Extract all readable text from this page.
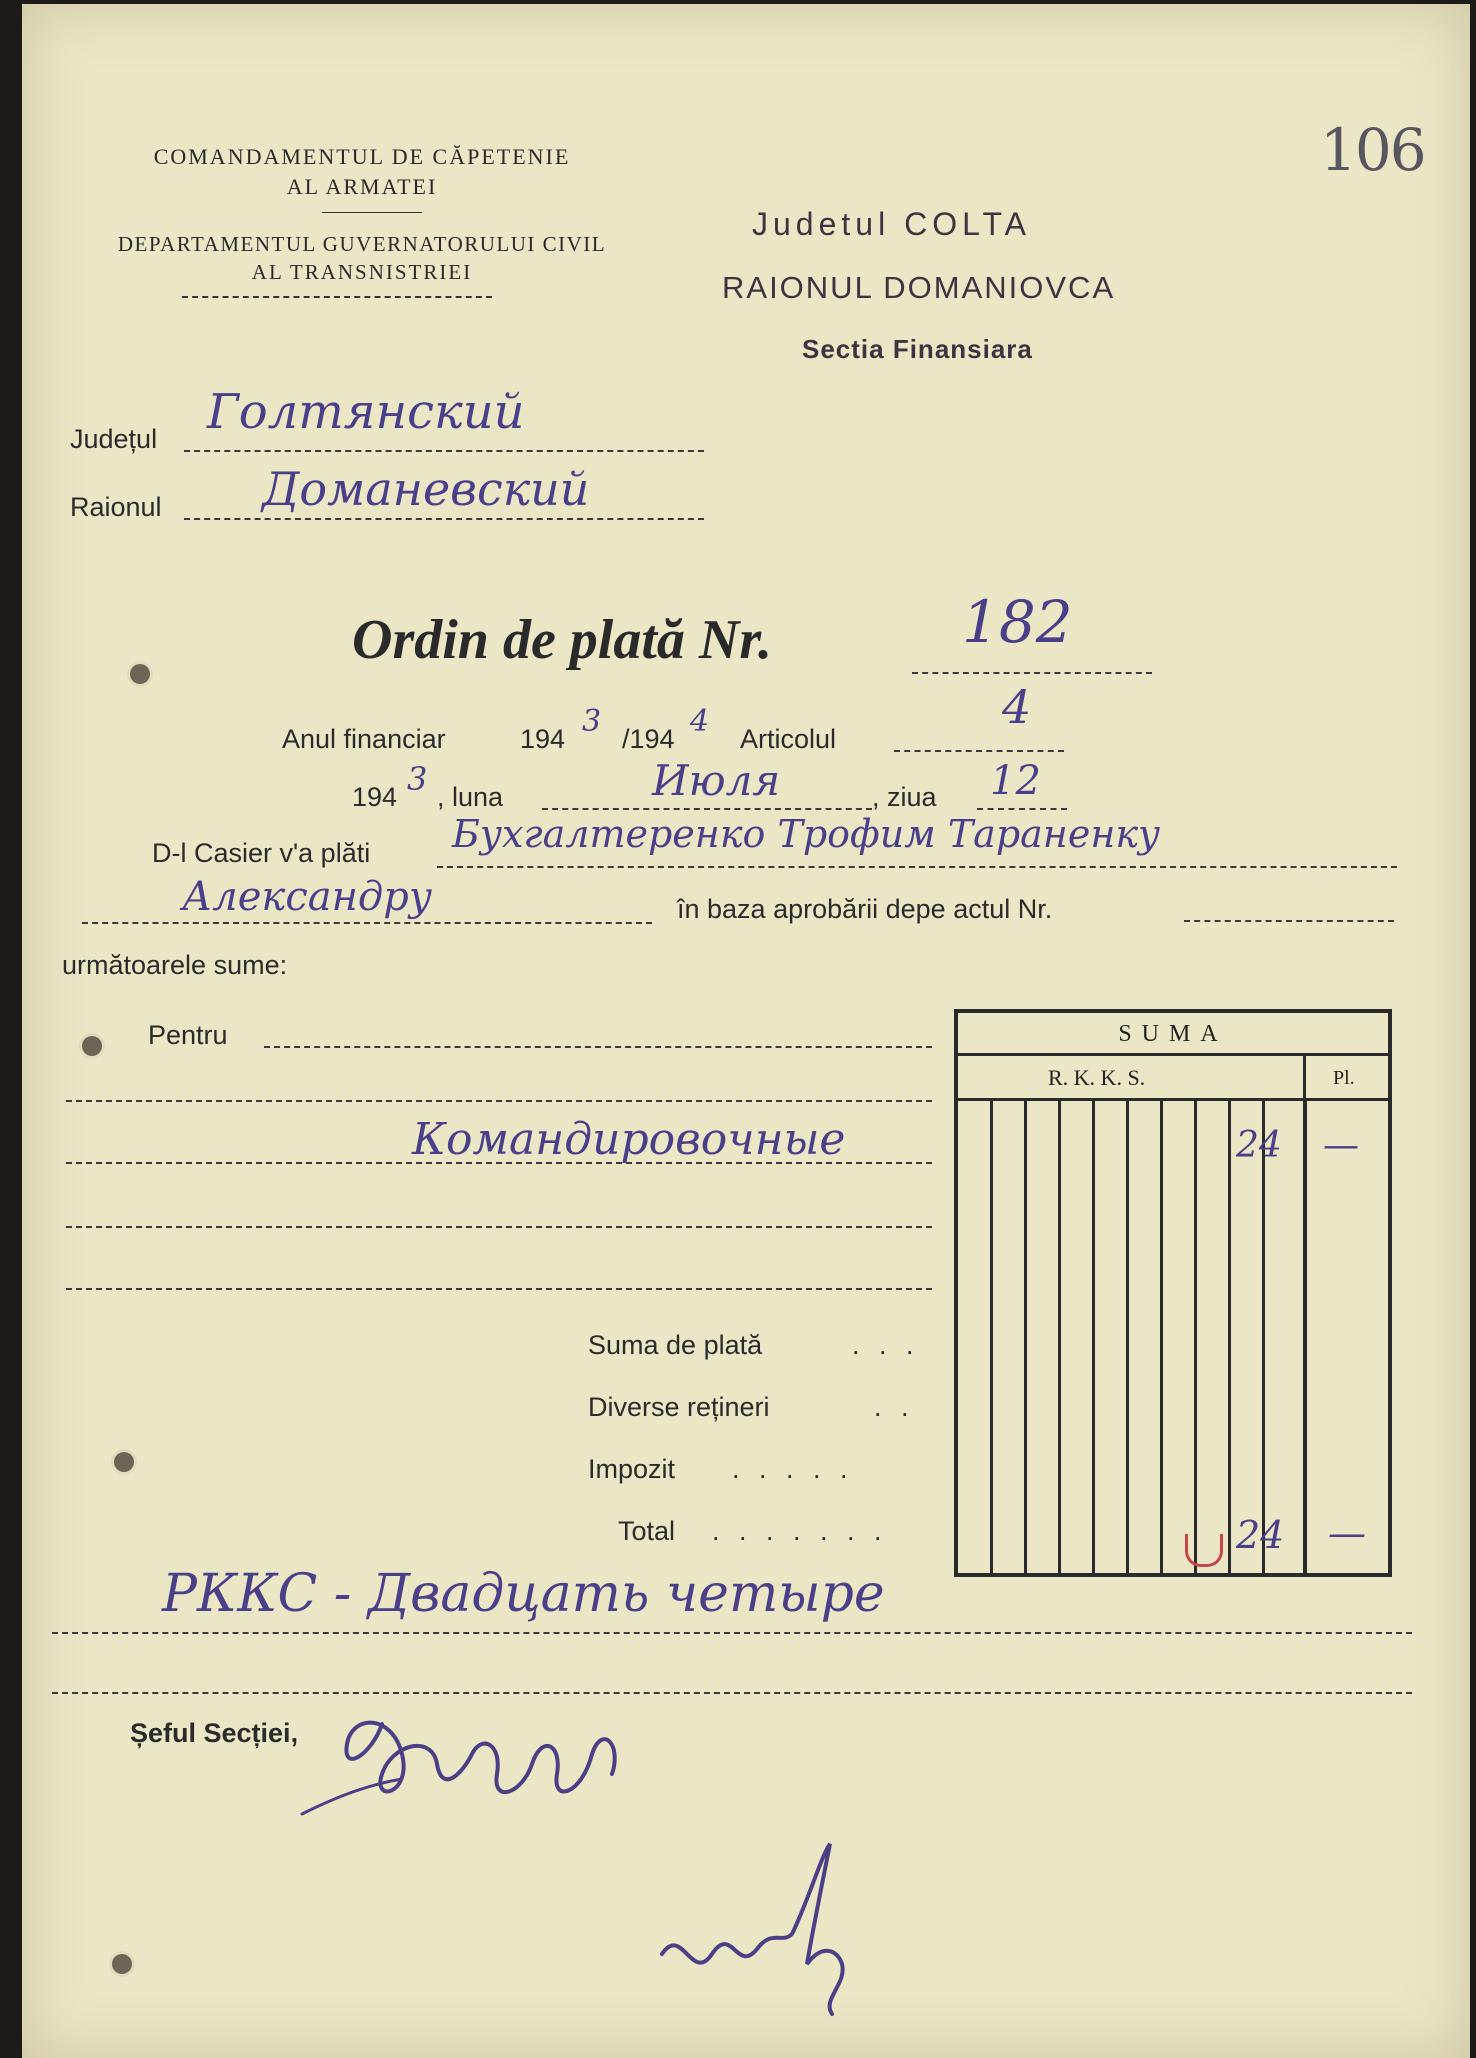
106
COMANDAMENTUL DE CĂPETENIE
AL ARMATEI
DEPARTAMENTUL GUVERNATORULUI CIVIL
AL TRANSNISTRIEI
Judetul COLTA
RAIONUL DOMANIOVCA
Sectia Finansiara
Județul Голтянский
Raionul Доманевский
Ordin de plată Nr.	182
4
Anul financiar	194 3 /194 4 Articolul
194 3 , luna	Июля	, ziua 12
D-l Casier v'a plăti Бухгалтеренко Трофим Тараненку
Александру	în baza aprobării depe actul Nr.
următoarele sume:
Pentru
Командировочные
SUMA
R. K. K. S.	Pl.
24 —
24 —
Suma de plată	. . .
Diverse rețineri	. .
Impozit . . . . .
Total . . . . . . .
РККС - Двадцать четыре
Șeful Secției,
